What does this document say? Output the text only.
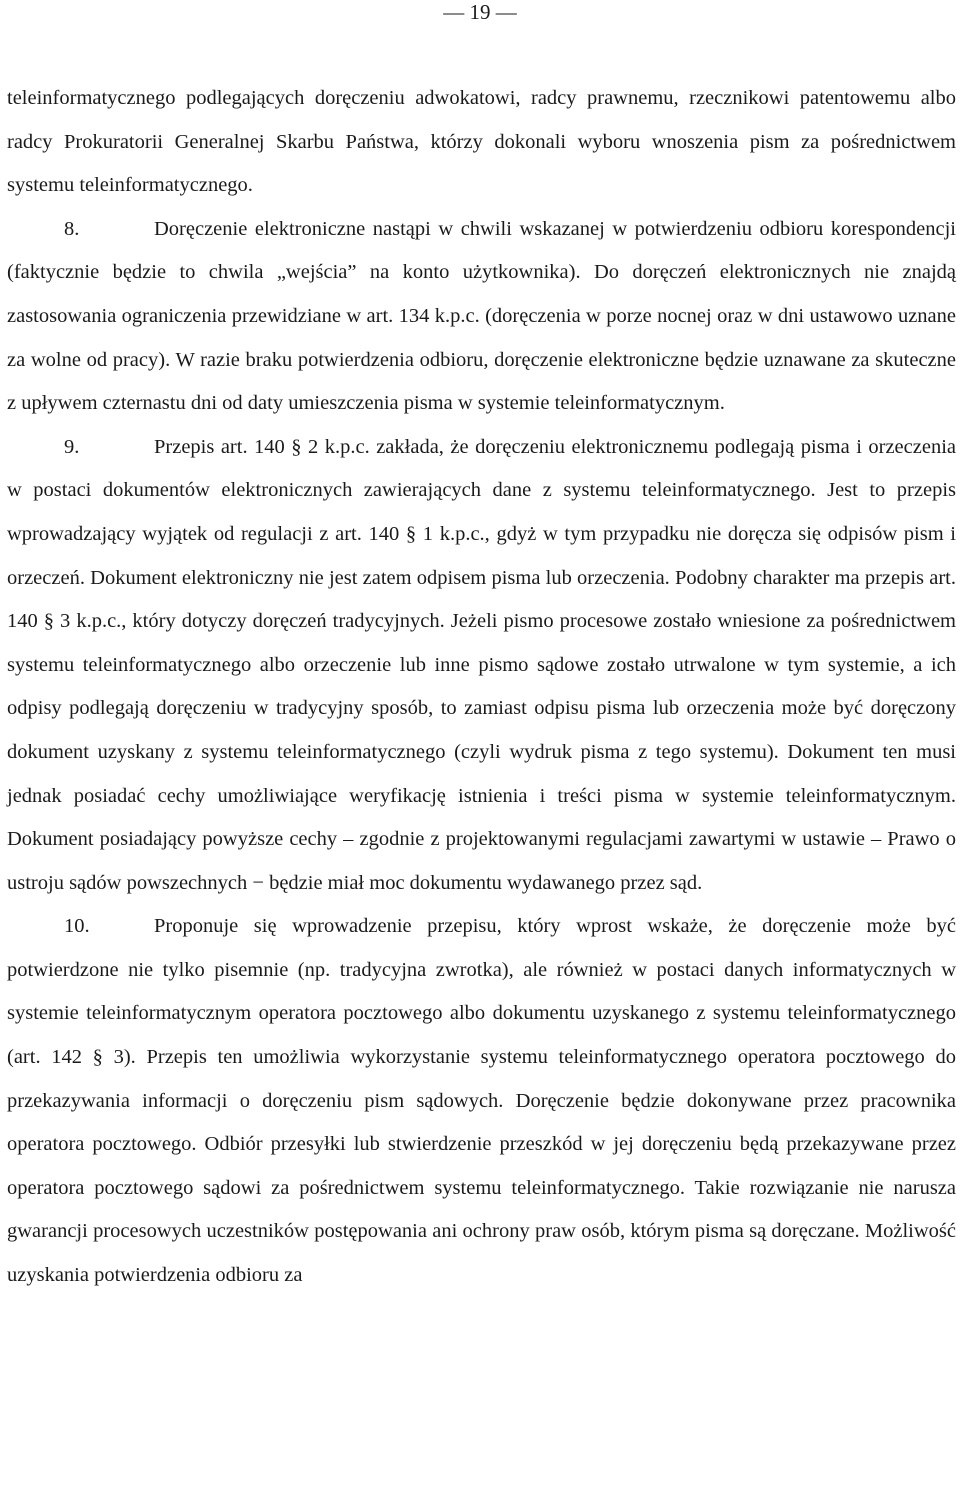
— 19 —

teleinformatycznego podlegających doręczeniu adwokatowi, radcy prawnemu, rzecznikowi patentowemu albo radcy Prokuratorii Generalnej Skarbu Państwa, którzy dokonali wyboru wnoszenia pism za pośrednictwem systemu teleinformatycznego.

8.	Doręczenie elektroniczne nastąpi w chwili wskazanej w potwierdzeniu odbioru korespondencji (faktycznie będzie to chwila „wejścia” na konto użytkownika). Do doręczeń elektronicznych nie znajdą zastosowania ograniczenia przewidziane w art. 134 k.p.c. (doręczenia w porze nocnej oraz w dni ustawowo uznane za wolne od pracy). W razie braku potwierdzenia odbioru, doręczenie elektroniczne będzie uznawane za skuteczne z upływem czternastu dni od daty umieszczenia pisma w systemie teleinformatycznym.

9.	Przepis art. 140 § 2 k.p.c. zakłada, że doręczeniu elektronicznemu podlegają pisma i orzeczenia w postaci dokumentów elektronicznych zawierających dane z systemu teleinformatycznego. Jest to przepis wprowadzający wyjątek od regulacji z art. 140 § 1 k.p.c., gdyż w tym przypadku nie doręcza się odpisów pism i orzeczeń. Dokument elektroniczny nie jest zatem odpisem pisma lub orzeczenia. Podobny charakter ma przepis art. 140 § 3 k.p.c., który dotyczy doręczeń tradycyjnych. Jeżeli pismo procesowe zostało wniesione za pośrednictwem systemu teleinformatycznego albo orzeczenie lub inne pismo sądowe zostało utrwalone w tym systemie, a ich odpisy podlegają doręczeniu w tradycyjny sposób, to zamiast odpisu pisma lub orzeczenia może być doręczony dokument uzyskany z systemu teleinformatycznego (czyli wydruk pisma z tego systemu). Dokument ten musi jednak posiadać cechy umożliwiające weryfikację istnienia i treści pisma w systemie teleinformatycznym. Dokument posiadający powyższe cechy – zgodnie z projektowanymi regulacjami zawartymi w ustawie – Prawo o ustroju sądów powszechnych − będzie miał moc dokumentu wydawanego przez sąd.

10.	Proponuje się wprowadzenie przepisu, który wprost wskaże, że doręczenie może być potwierdzone nie tylko pisemnie (np. tradycyjna zwrotka), ale również w postaci danych informatycznych w systemie teleinformatycznym operatora pocztowego albo dokumentu uzyskanego z systemu teleinformatycznego (art. 142 § 3). Przepis ten umożliwia wykorzystanie systemu teleinformatycznego operatora pocztowego do przekazywania informacji o doręczeniu pism sądowych. Doręczenie będzie dokonywane przez pracownika operatora pocztowego. Odbiór przesyłki lub stwierdzenie przeszkód w jej doręczeniu będą przekazywane przez operatora pocztowego sądowi za pośrednictwem systemu teleinformatycznego. Takie rozwiązanie nie narusza gwarancji procesowych uczestników postępowania ani ochrony praw osób, którym pisma są doręczane. Możliwość uzyskania potwierdzenia odbioru za
